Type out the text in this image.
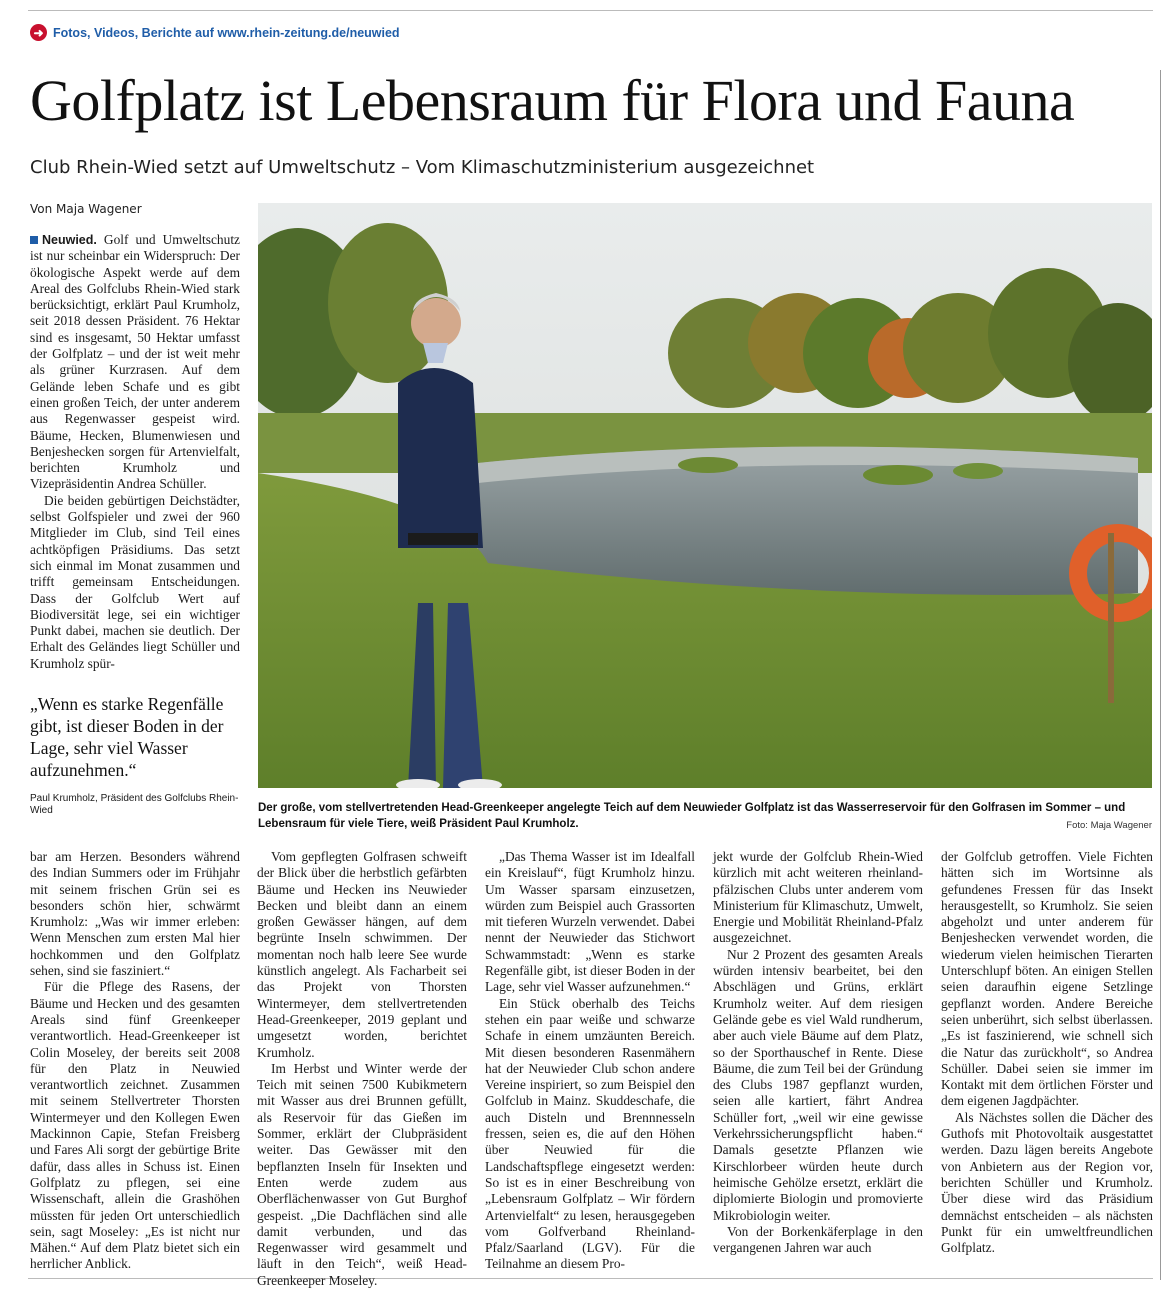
➜ Fotos, Videos, Berichte auf www.rhein-zeitung.de/neuwied
Golfplatz ist Lebensraum für Flora und Fauna
Club Rhein-Wied setzt auf Umweltschutz – Vom Klimaschutzministerium ausgezeichnet
Von Maja Wagener

Neuwied. Golf und Umweltschutz ist nur scheinbar ein Widerspruch: Der ökologische Aspekt werde auf dem Areal des Golfclubs Rhein-Wied stark berücksichtigt, erklärt Paul Krumholz, seit 2018 dessen Präsident. 76 Hektar sind es insgesamt, 50 Hektar umfasst der Golfplatz – und der ist weit mehr als grüner Kurzrasen. Auf dem Gelände leben Schafe und es gibt einen großen Teich, der unter anderem aus Regenwasser gespeist wird. Bäume, Hecken, Blumenwiesen und Benjeshecken sorgen für Artenvielfalt, berichten Krumholz und Vizepräsidentin Andrea Schüller.

Die beiden gebürtigen Deichstädter, selbst Golfspieler und zwei der 960 Mitglieder im Club, sind Teil eines achtköpfigen Präsidiums. Das setzt sich einmal im Monat zusammen und trifft gemeinsam Entscheidungen. Dass der Golfclub Wert auf Biodiversität lege, sei ein wichtiger Punkt dabei, machen sie deutlich. Der Erhalt des Geländes liegt Schüller und Krumholz spür-

„Wenn es starke Regenfälle gibt, ist dieser Boden in der Lage, sehr viel Wasser aufzunehmen.“
Paul Krumholz, Präsident des Golfclubs Rhein-Wied	Der große, vom stellvertretenden Head-Greenkeeper angelegte Teich auf dem Neuwieder Golfplatz ist das Wasserreservoir für den Golfrasen im Sommer – und Lebensraum für viele Tiere, weiß Präsident Paul Krumholz.	Foto: Maja Wagener

bar am Herzen. Besonders während des Indian Summers oder im Frühjahr mit seinem frischen Grün sei es besonders schön hier, schwärmt Krumholz: „Was wir immer erleben: Wenn Menschen zum ersten Mal hier hochkommen und den Golfplatz sehen, sind sie fasziniert.“

Für die Pflege des Rasens, der Bäume und Hecken und des gesamten Areals sind fünf Greenkeeper verantwortlich. Head-Greenkeeper ist Colin Moseley, der bereits seit 2008 für den Platz in Neuwied verantwortlich zeichnet. Zusammen mit seinem Stellvertreter Thorsten Wintermeyer und den Kollegen Ewen Mackinnon Capie, Stefan Freisberg und Fares Ali sorgt der gebürtige Brite dafür, dass alles in Schuss ist. Einen Golfplatz zu pflegen, sei eine Wissenschaft, allein die Grashöhen müssten für jeden Ort unterschiedlich sein, sagt Moseley: „Es ist nicht nur Mähen.“ Auf dem Platz bietet sich ein herrlicher Anblick.

Vom gepflegten Golfrasen schweift der Blick über die herbstlich gefärbten Bäume und Hecken ins Neuwieder Becken und bleibt dann an einem großen Gewässer hängen, auf dem begrünte Inseln schwimmen. Der momentan noch halb leere See wurde künstlich angelegt. Als Facharbeit sei das Projekt von Thorsten Wintermeyer, dem stellvertretenden Head-Greenkeeper, 2019 geplant und umgesetzt worden, berichtet Krumholz.

Im Herbst und Winter werde der Teich mit seinen 7500 Kubikmetern mit Wasser aus drei Brunnen gefüllt, als Reservoir für das Gießen im Sommer, erklärt der Clubpräsident weiter. Das Gewässer mit den bepflanzten Inseln für Insekten und Enten werde zudem aus Oberflächenwasser von Gut Burghof gespeist. „Die Dachflächen sind alle damit verbunden, und das Regenwasser wird gesammelt und läuft in den Teich“, weiß Head-Greenkeeper Moseley.

„Das Thema Wasser ist im Idealfall ein Kreislauf“, fügt Krumholz hinzu. Um Wasser sparsam einzusetzen, würden zum Beispiel auch Grassorten mit tieferen Wurzeln verwendet. Dabei nennt der Neuwieder das Stichwort Schwammstadt: „Wenn es starke Regenfälle gibt, ist dieser Boden in der Lage, sehr viel Wasser aufzunehmen.“

Ein Stück oberhalb des Teichs stehen ein paar weiße und schwarze Schafe in einem umzäunten Bereich. Mit diesen besonderen Rasenmähern hat der Neuwieder Club schon andere Vereine inspiriert, so zum Beispiel den Golfclub in Mainz. Skuddeschafe, die auch Disteln und Brennnesseln fressen, seien es, die auf den Höhen über Neuwied für die Landschaftspflege eingesetzt werden: So ist es in einer Beschreibung von „Lebensraum Golfplatz – Wir fördern Artenvielfalt“ zu lesen, herausgegeben vom Golfverband Rheinland-Pfalz/Saarland (LGV). Für die Teilnahme an diesem Pro-

jekt wurde der Golfclub Rhein-Wied kürzlich mit acht weiteren rheinland-pfälzischen Clubs unter anderem vom Ministerium für Klimaschutz, Umwelt, Energie und Mobilität Rheinland-Pfalz ausgezeichnet.

Nur 2 Prozent des gesamten Areals würden intensiv bearbeitet, bei den Abschlägen und Grüns, erklärt Krumholz weiter. Auf dem riesigen Gelände gebe es viel Wald rundherum, aber auch viele Bäume auf dem Platz, so der Sporthauschef in Rente. Diese Bäume, die zum Teil bei der Gründung des Clubs 1987 gepflanzt wurden, seien alle kartiert, fährt Andrea Schüller fort, „weil wir eine gewisse Verkehrssicherungspflicht haben.“ Damals gesetzte Pflanzen wie Kirschlorbeer würden heute durch heimische Gehölze ersetzt, erklärt die diplomierte Biologin und promovierte Mikrobiologin weiter.

Von der Borkenkäferplage in den vergangenen Jahren war auch

der Golfclub getroffen. Viele Fichten hätten sich im Wortsinne als gefundenes Fressen für das Insekt herausgestellt, so Krumholz. Sie seien abgeholzt und unter anderem für Benjeshecken verwendet worden, die wiederum vielen heimischen Tierarten Unterschlupf böten. An einigen Stellen seien daraufhin eigene Setzlinge gepflanzt worden. Andere Bereiche seien unberührt, sich selbst überlassen. „Es ist faszinierend, wie schnell sich die Natur das zurückholt“, so Andrea Schüller. Dabei seien sie immer im Kontakt mit dem örtlichen Förster und dem eigenen Jagdpächter.

Als Nächstes sollen die Dächer des Guthofs mit Photovoltaik ausgestattet werden. Dazu lägen bereits Angebote von Anbietern aus der Region vor, berichten Schüller und Krumholz. Über diese wird das Präsidium demnächst entscheiden – als nächsten Punkt für ein umweltfreundlichen Golfplatz.
